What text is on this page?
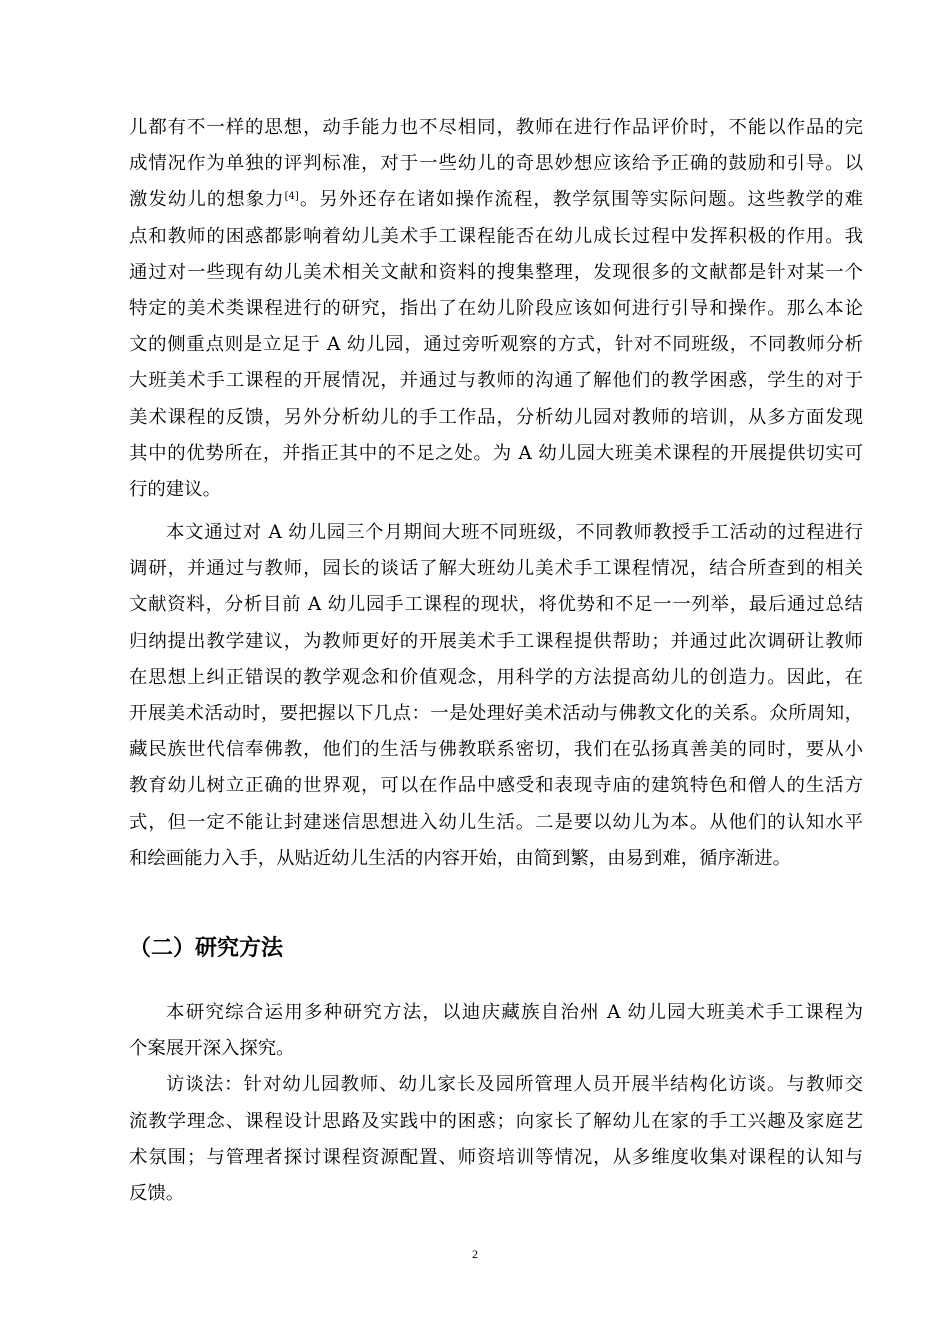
儿都有不一样的思想，动手能力也不尽相同，教师在进行作品评价时，不能以作品的完
成情况作为单独的评判标准，对于一些幼儿的奇思妙想应该给予正确的鼓励和引导。以
激发幼儿的想象力[4]。另外还存在诸如操作流程，教学氛围等实际问题。这些教学的难
点和教师的困惑都影响着幼儿美术手工课程能否在幼儿成长过程中发挥积极的作用。我
通过对一些现有幼儿美术相关文献和资料的搜集整理，发现很多的文献都是针对某一个
特定的美术类课程进行的研究，指出了在幼儿阶段应该如何进行引导和操作。那么本论
文的侧重点则是立足于 A 幼儿园，通过旁听观察的方式，针对不同班级，不同教师分析
大班美术手工课程的开展情况，并通过与教师的沟通了解他们的教学困惑，学生的对于
美术课程的反馈，另外分析幼儿的手工作品，分析幼儿园对教师的培训，从多方面发现
其中的优势所在，并指正其中的不足之处。为 A 幼儿园大班美术课程的开展提供切实可
行的建议。
本文通过对 A 幼儿园三个月期间大班不同班级，不同教师教授手工活动的过程进行
调研，并通过与教师，园长的谈话了解大班幼儿美术手工课程情况，结合所查到的相关
文献资料，分析目前 A 幼儿园手工课程的现状，将优势和不足一一列举，最后通过总结
归纳提出教学建议，为教师更好的开展美术手工课程提供帮助；并通过此次调研让教师
在思想上纠正错误的教学观念和价值观念，用科学的方法提高幼儿的创造力。因此，在
开展美术活动时，要把握以下几点：一是处理好美术活动与佛教文化的关系。众所周知，
藏民族世代信奉佛教，他们的生活与佛教联系密切，我们在弘扬真善美的同时，要从小
教育幼儿树立正确的世界观，可以在作品中感受和表现寺庙的建筑特色和僧人的生活方
式，但一定不能让封建迷信思想进入幼儿生活。二是要以幼儿为本。从他们的认知水平
和绘画能力入手，从贴近幼儿生活的内容开始，由简到繁，由易到难，循序渐进。
（二）研究方法
本研究综合运用多种研究方法，以迪庆藏族自治州 A 幼儿园大班美术手工课程为
个案展开深入探究。
访谈法：针对幼儿园教师、幼儿家长及园所管理人员开展半结构化访谈。与教师交
流教学理念、课程设计思路及实践中的困惑；向家长了解幼儿在家的手工兴趣及家庭艺
术氛围；与管理者探讨课程资源配置、师资培训等情况，从多维度收集对课程的认知与
反馈。
2
